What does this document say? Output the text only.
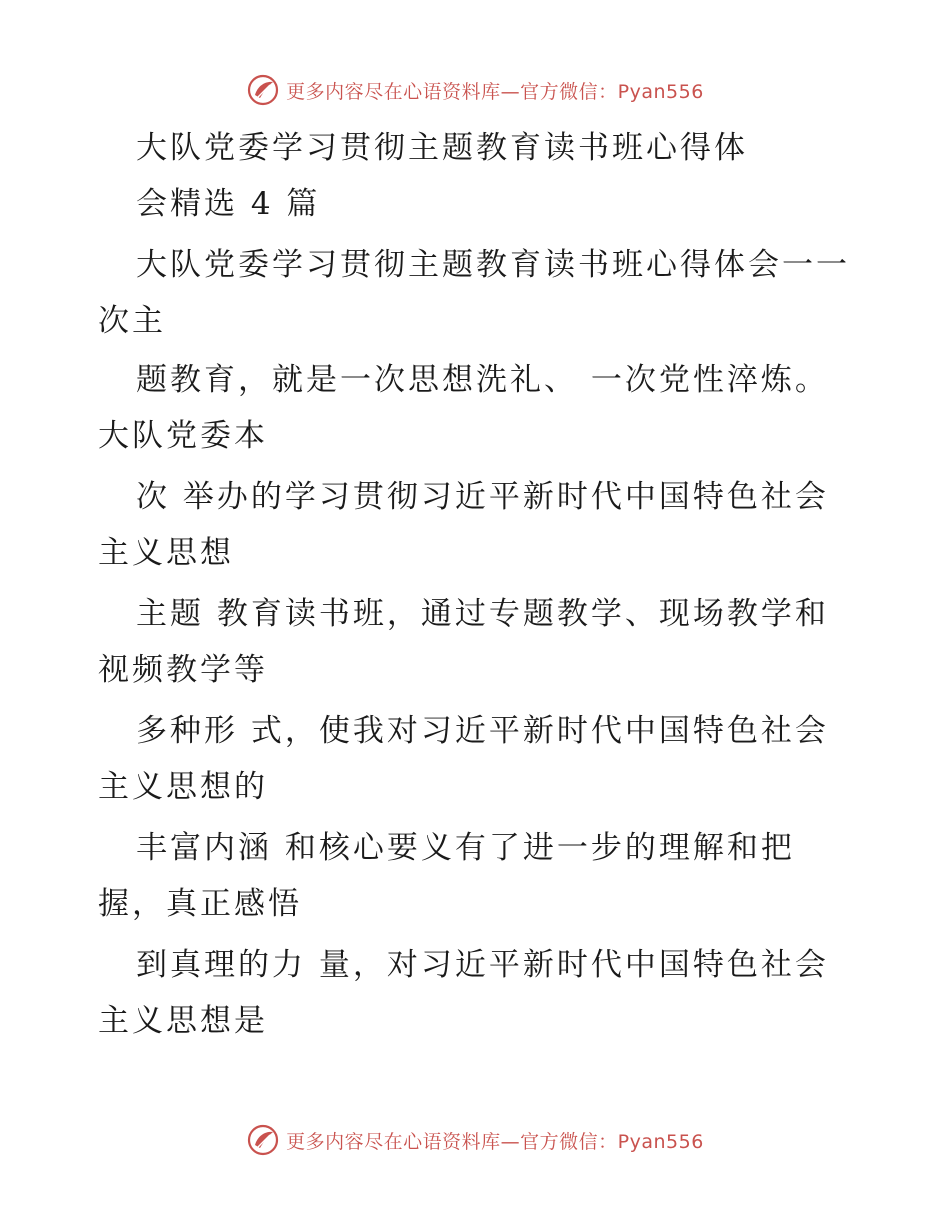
更多内容尽在心语资料库—官方微信：Pyan556
大队党委学习贯彻主题教育读书班心得体
会精选 4 篇
大队党委学习贯彻主题教育读书班心得体会一一
次主
题教育，就是一次思想洗礼、 一次党性淬炼。
大队党委本
次 举办的学习贯彻习近平新时代中国特色社会
主义思想
主题 教育读书班，通过专题教学、现场教学和
视频教学等
多种形 式，使我对习近平新时代中国特色社会
主义思想的
丰富内涵 和核心要义有了进一步的理解和把
握，真正感悟
到真理的力 量，对习近平新时代中国特色社会
主义思想是
更多内容尽在心语资料库—官方微信：Pyan556
